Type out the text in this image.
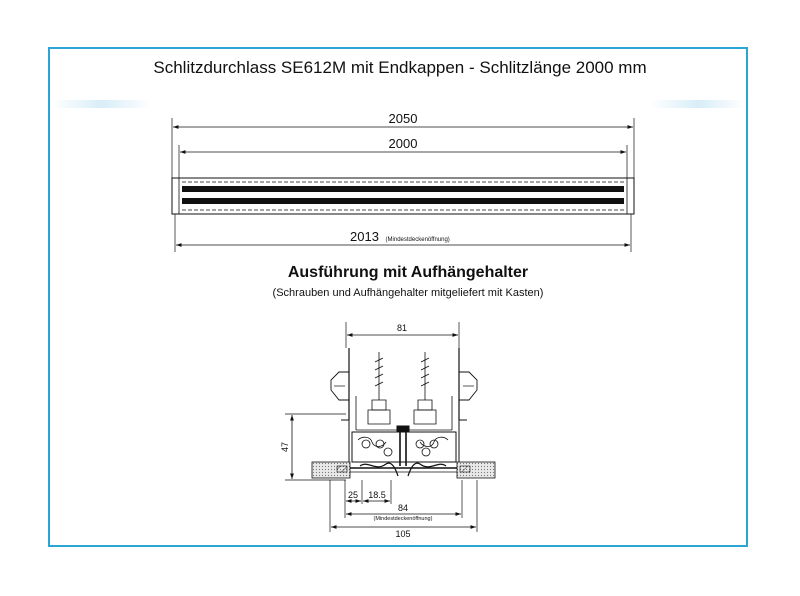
Schlitzdurchlass SE612M mit Endkappen - Schlitzlänge 2000 mm
2050
2000
2013 (Mindestdeckenöffnung)
Ausführung mit Aufhängehalter
(Schrauben und Aufhängehalter mitgeliefert mit Kasten)
81
47
25 18.5
84
(Mindestdeckenöffnung)
105
